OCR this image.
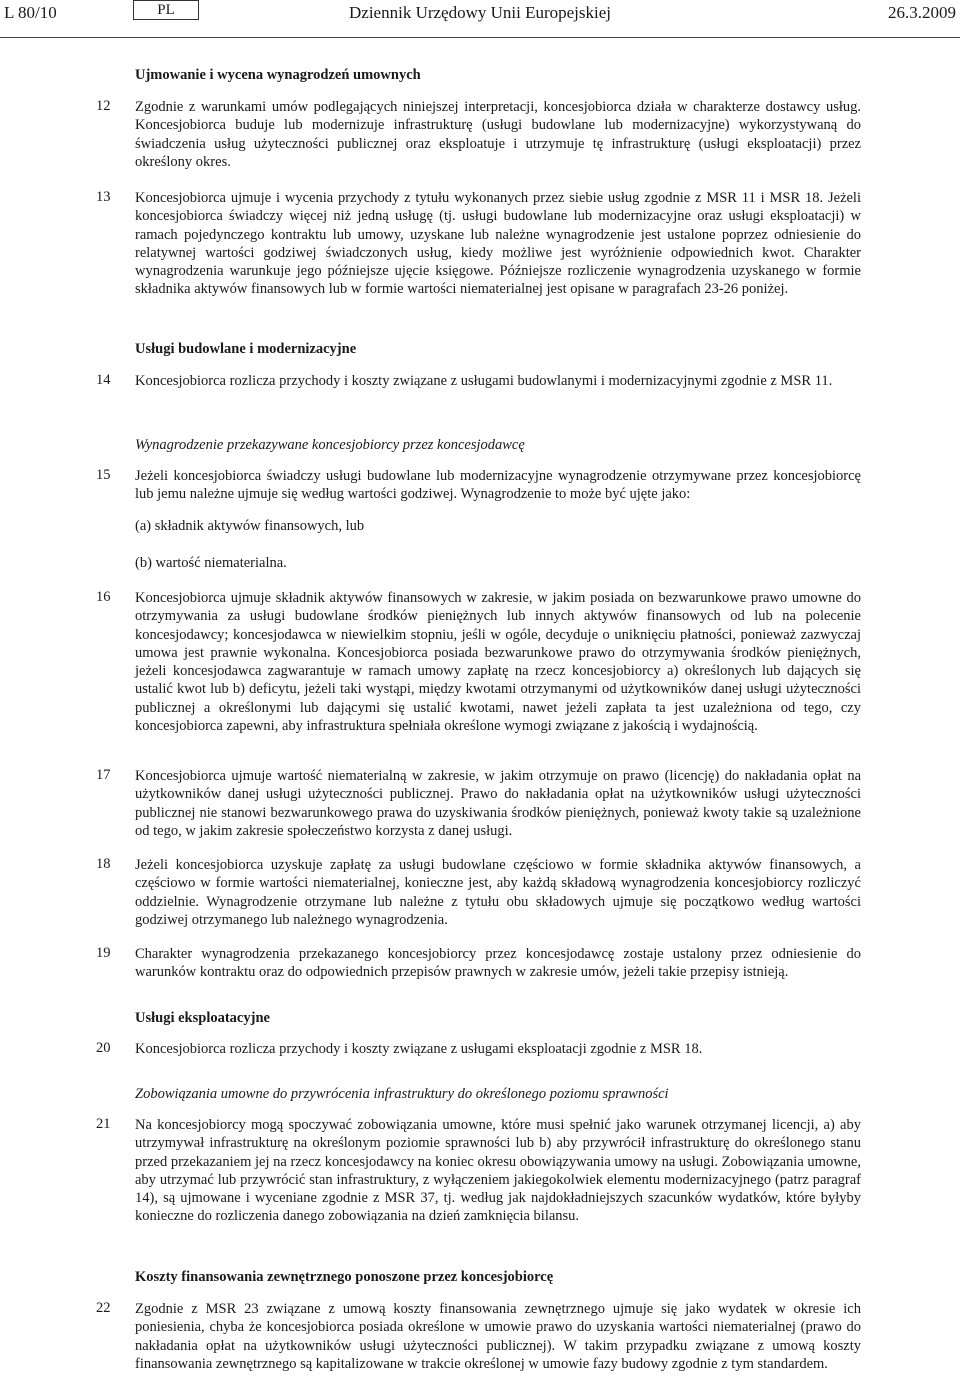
L 80/10	PL	Dziennik Urzędowy Unii Europejskiej	26.3.2009
Ujmowanie i wycena wynagrodzeń umownych
12 Zgodnie z warunkami umów podlegających niniejszej interpretacji, koncesjobiorca działa w charakterze dostawcy usług. Koncesjobiorca buduje lub modernizuje infrastrukturę (usługi budowlane lub modernizacyjne) wykorzystywaną do świadczenia usług użyteczności publicznej oraz eksploatuje i utrzymuje tę infrastrukturę (usługi eksploatacji) przez określony okres.
13 Koncesjobiorca ujmuje i wycenia przychody z tytułu wykonanych przez siebie usług zgodnie z MSR 11 i MSR 18. Jeżeli koncesjobiorca świadczy więcej niż jedną usługę (tj. usługi budowlane lub modernizacyjne oraz usługi eksploatacji) w ramach pojedynczego kontraktu lub umowy, uzyskane lub należne wynagrodzenie jest ustalone poprzez odniesienie do relatywnej wartości godziwej świadczonych usług, kiedy możliwe jest wyróżnienie odpowiednich kwot. Charakter wynagrodzenia warunkuje jego późniejsze ujęcie księgowe. Późniejsze rozliczenie wynagrodzenia uzyskanego w formie składnika aktywów finansowych lub w formie wartości niematerialnej jest opisane w paragrafach 23-26 poniżej.
Usługi budowlane i modernizacyjne
14 Koncesjobiorca rozlicza przychody i koszty związane z usługami budowlanymi i modernizacyjnymi zgodnie z MSR 11.
Wynagrodzenie przekazywane koncesjobiorcy przez koncesjodawcę
15 Jeżeli koncesjobiorca świadczy usługi budowlane lub modernizacyjne wynagrodzenie otrzymywane przez koncesjobiorcę lub jemu należne ujmuje się według wartości godziwej. Wynagrodzenie to może być ujęte jako:
(a) składnik aktywów finansowych, lub
(b) wartość niematerialna.
16 Koncesjobiorca ujmuje składnik aktywów finansowych w zakresie, w jakim posiada on bezwarunkowe prawo umowne do otrzymywania za usługi budowlane środków pieniężnych lub innych aktywów finansowych od lub na polecenie koncesjodawcy; koncesjodawca w niewielkim stopniu, jeśli w ogóle, decyduje o uniknięciu płatności, ponieważ zazwyczaj umowa jest prawnie wykonalna. Koncesjobiorca posiada bezwarunkowe prawo do otrzymywania środków pieniężnych, jeżeli koncesjodawca zagwarantuje w ramach umowy zapłatę na rzecz koncesjobiorcy a) określonych lub dających się ustalić kwot lub b) deficytu, jeżeli taki wystąpi, między kwotami otrzymanymi od użytkowników danej usługi użyteczności publicznej a określonymi lub dającymi się ustalić kwotami, nawet jeżeli zapłata ta jest uzależniona od tego, czy koncesjobiorca zapewni, aby infrastruktura spełniała określone wymogi związane z jakością i wydajnością.
17 Koncesjobiorca ujmuje wartość niematerialną w zakresie, w jakim otrzymuje on prawo (licencję) do nakładania opłat na użytkowników danej usługi użyteczności publicznej. Prawo do nakładania opłat na użytkowników usługi użyteczności publicznej nie stanowi bezwarunkowego prawa do uzyskiwania środków pieniężnych, ponieważ kwoty takie są uzależnione od tego, w jakim zakresie społeczeństwo korzysta z danej usługi.
18 Jeżeli koncesjobiorca uzyskuje zapłatę za usługi budowlane częściowo w formie składnika aktywów finansowych, a częściowo w formie wartości niematerialnej, konieczne jest, aby każdą składową wynagrodzenia koncesjobiorcy rozliczyć oddzielnie. Wynagrodzenie otrzymane lub należne z tytułu obu składowych ujmuje się początkowo według wartości godziwej otrzymanego lub należnego wynagrodzenia.
19 Charakter wynagrodzenia przekazanego koncesjobiorcy przez koncesjodawcę zostaje ustalony przez odniesienie do warunków kontraktu oraz do odpowiednich przepisów prawnych w zakresie umów, jeżeli takie przepisy istnieją.
Usługi eksploatacyjne
20 Koncesjobiorca rozlicza przychody i koszty związane z usługami eksploatacji zgodnie z MSR 18.
Zobowiązania umowne do przywrócenia infrastruktury do określonego poziomu sprawności
21 Na koncesjobiorcy mogą spoczywać zobowiązania umowne, które musi spełnić jako warunek otrzymanej licencji, a) aby utrzymywał infrastrukturę na określonym poziomie sprawności lub b) aby przywrócił infrastrukturę do określonego stanu przed przekazaniem jej na rzecz koncesjodawcy na koniec okresu obowiązywania umowy na usługi. Zobowiązania umowne, aby utrzymać lub przywrócić stan infrastruktury, z wyłączeniem jakiegokolwiek elementu modernizacyjnego (patrz paragraf 14), są ujmowane i wyceniane zgodnie z MSR 37, tj. według jak najdokładniejszych szacunków wydatków, które byłyby konieczne do rozliczenia danego zobowiązania na dzień zamknięcia bilansu.
Koszty finansowania zewnętrznego ponoszone przez koncesjobiorcę
22 Zgodnie z MSR 23 związane z umową koszty finansowania zewnętrznego ujmuje się jako wydatek w okresie ich poniesienia, chyba że koncesjobiorca posiada określone w umowie prawo do uzyskania wartości niematerialnej (prawo do nakładania opłat na użytkowników usługi użyteczności publicznej). W takim przypadku związane z umową koszty finansowania zewnętrznego są kapitalizowane w trakcie określonej w umowie fazy budowy zgodnie z tym standardem.
